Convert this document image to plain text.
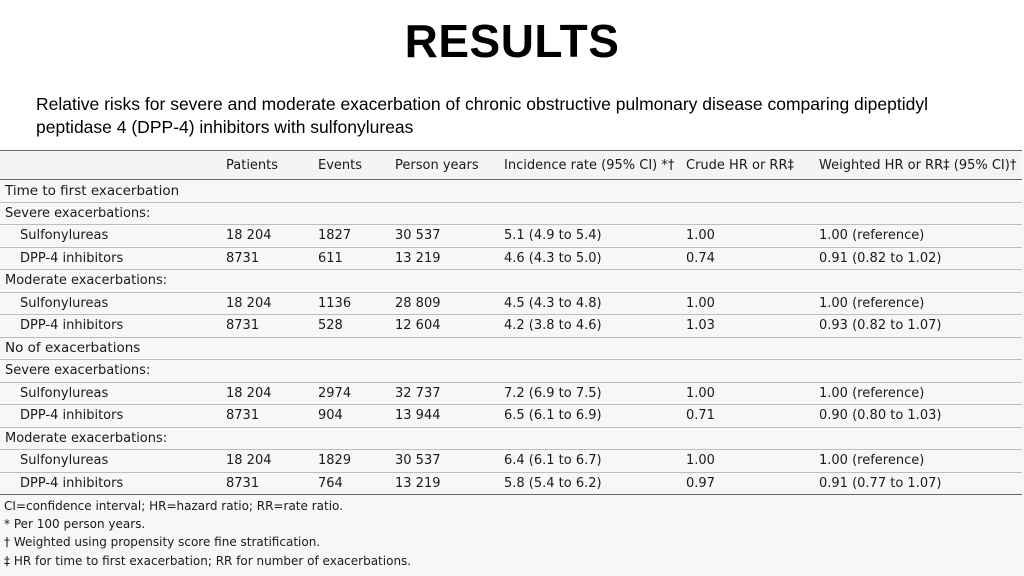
RESULTS
Relative risks for severe and moderate exacerbation of chronic obstructive pulmonary disease comparing dipeptidyl peptidase 4 (DPP-4) inhibitors with sulfonylureas
	Patients	Events	Person years	Incidence rate (95% CI) *†	Crude HR or RR‡	Weighted HR or RR‡ (95% CI)†
Time to first exacerbation						
Severe exacerbations:						
Sulfonylureas	18 204	1827	30 537	5.1 (4.9 to 5.4)	1.00	1.00 (reference)
DPP-4 inhibitors	8731	611	13 219	4.6 (4.3 to 5.0)	0.74	0.91 (0.82 to 1.02)
Moderate exacerbations:						
Sulfonylureas	18 204	1136	28 809	4.5 (4.3 to 4.8)	1.00	1.00 (reference)
DPP-4 inhibitors	8731	528	12 604	4.2 (3.8 to 4.6)	1.03	0.93 (0.82 to 1.07)
No of exacerbations						
Severe exacerbations:						
Sulfonylureas	18 204	2974	32 737	7.2 (6.9 to 7.5)	1.00	1.00 (reference)
DPP-4 inhibitors	8731	904	13 944	6.5 (6.1 to 6.9)	0.71	0.90 (0.80 to 1.03)
Moderate exacerbations:						
Sulfonylureas	18 204	1829	30 537	6.4 (6.1 to 6.7)	1.00	1.00 (reference)
DPP-4 inhibitors	8731	764	13 219	5.8 (5.4 to 6.2)	0.97	0.91 (0.77 to 1.07)
CI=confidence interval; HR=hazard ratio; RR=rate ratio.
* Per 100 person years.
† Weighted using propensity score fine stratification.
‡ HR for time to first exacerbation; RR for number of exacerbations.
